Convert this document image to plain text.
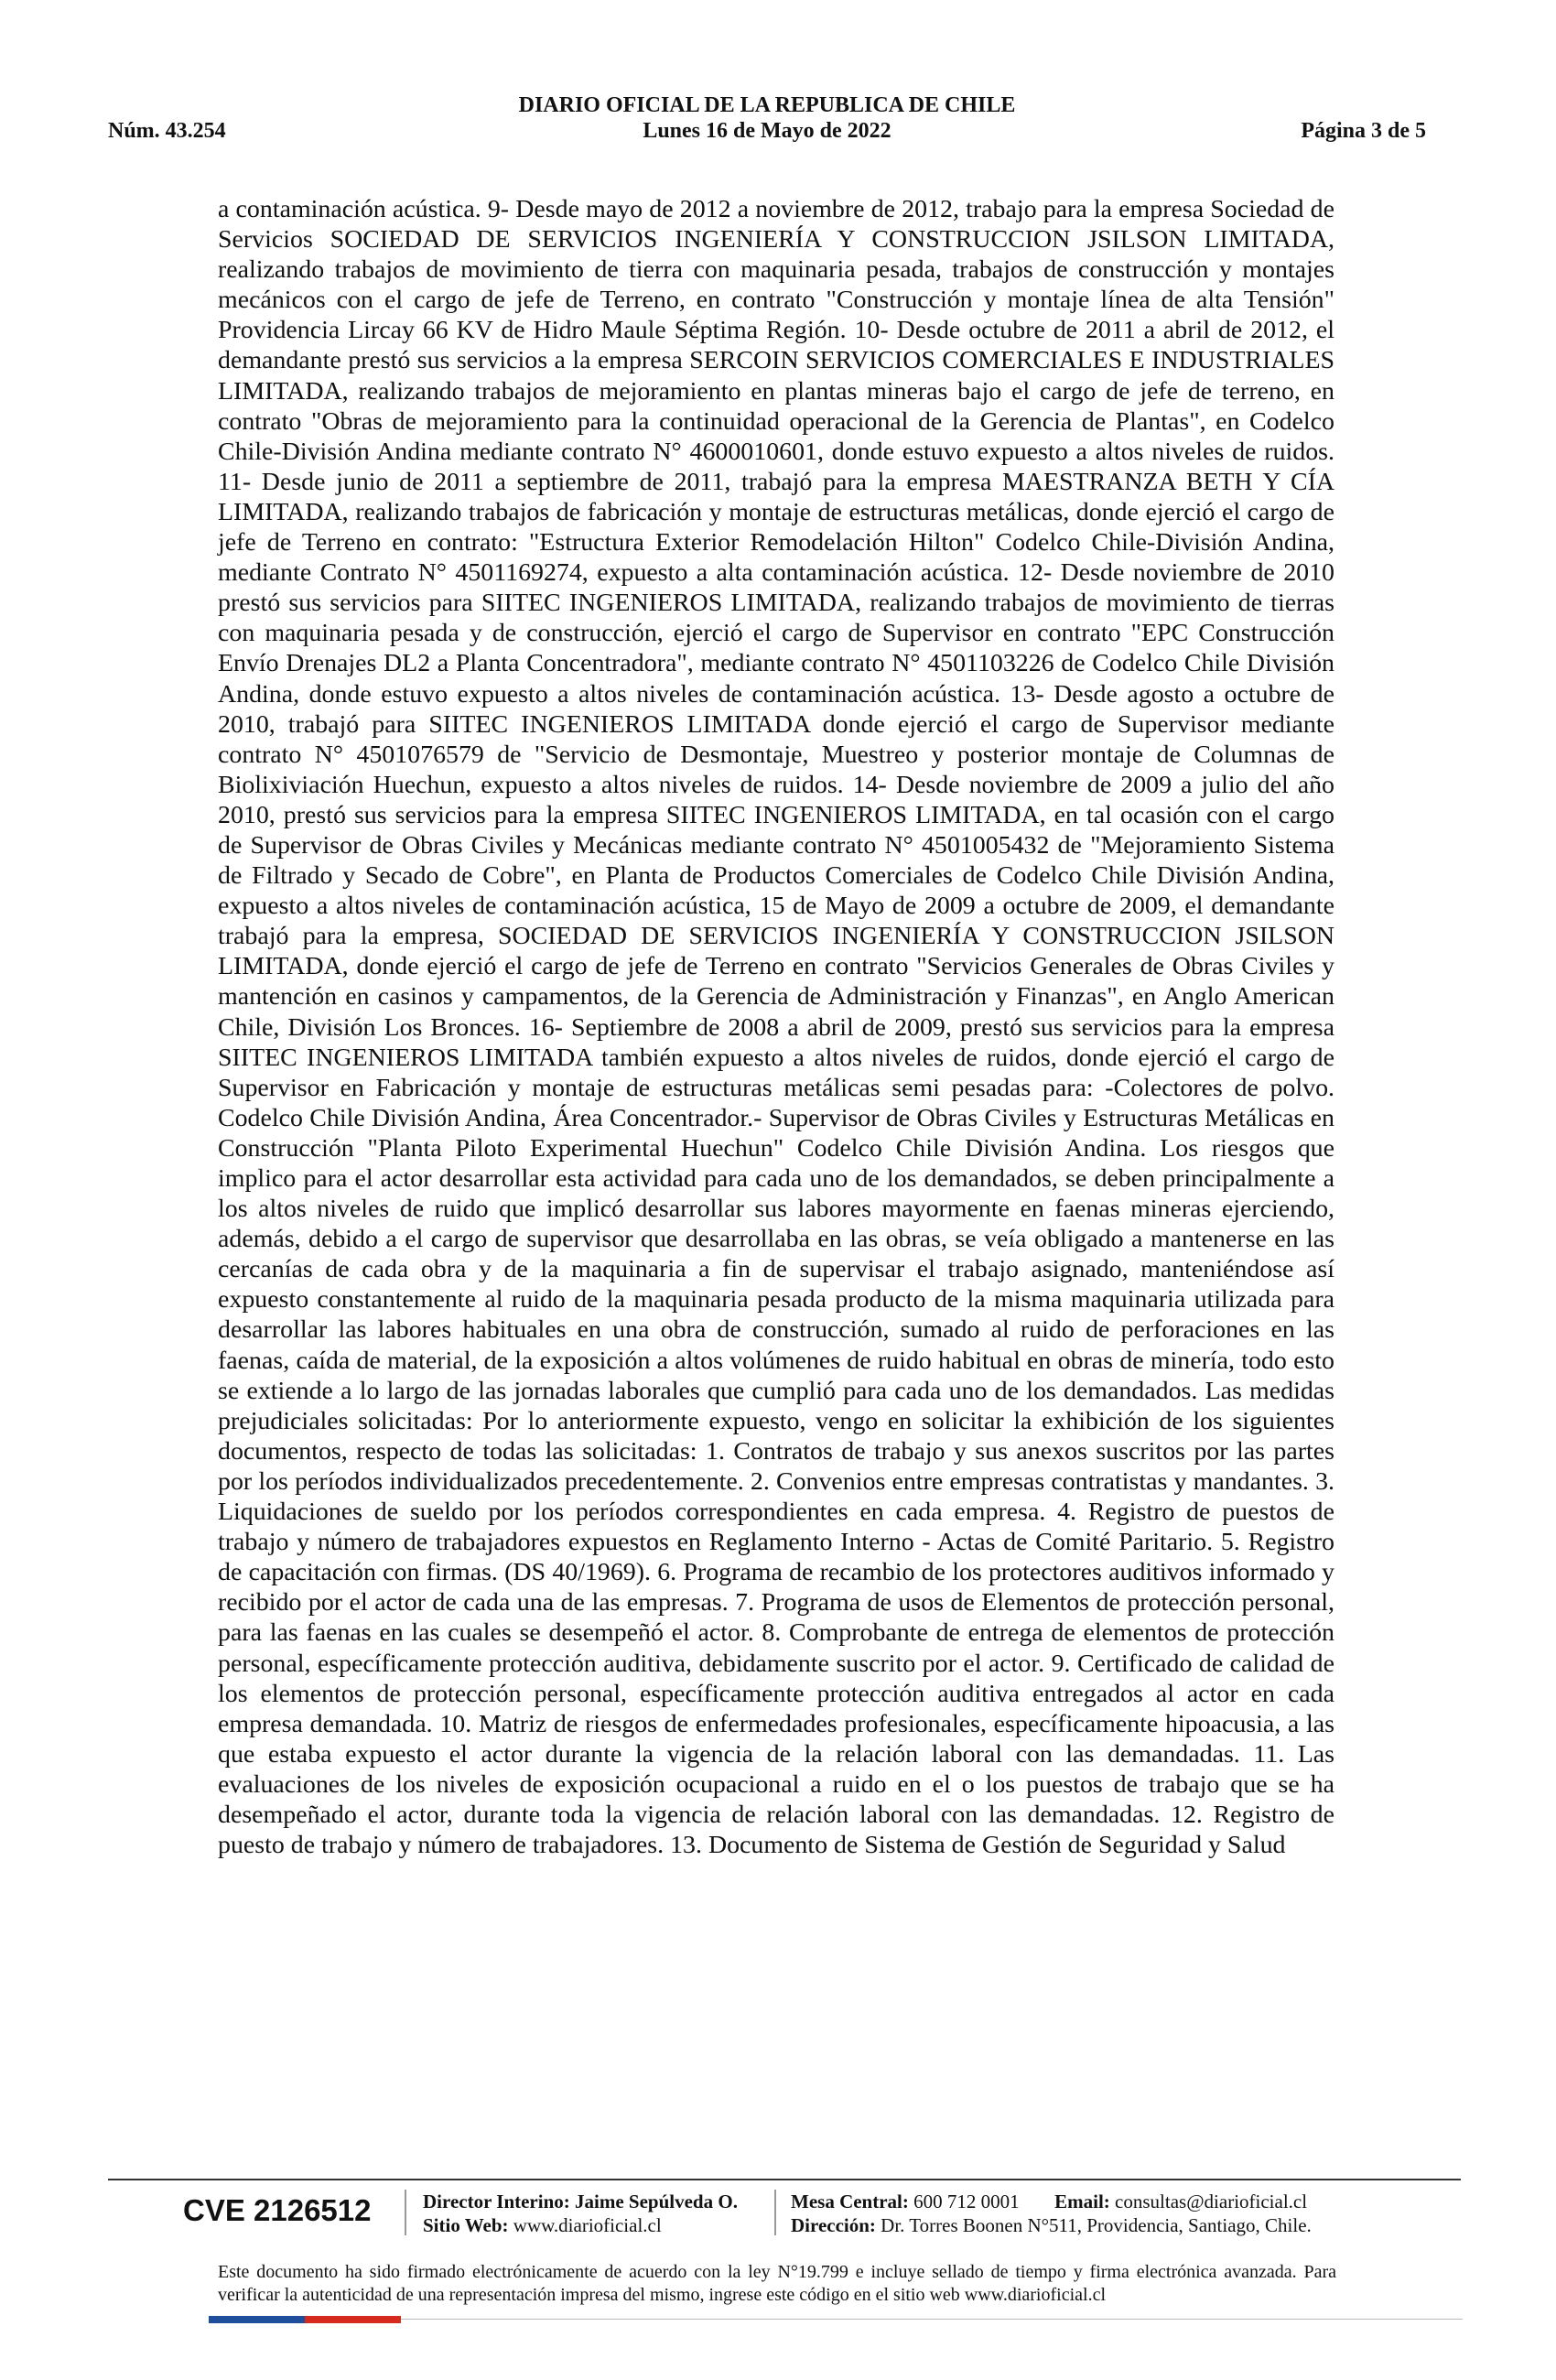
DIARIO OFICIAL DE LA REPUBLICA DE CHILE
Núm. 43.254	Lunes 16 de Mayo de 2022	Página 3 de 5
a contaminación acústica. 9- Desde mayo de 2012 a noviembre de 2012, trabajo para la empresa Sociedad de Servicios SOCIEDAD DE SERVICIOS INGENIERÍA Y CONSTRUCCION JSILSON LIMITADA, realizando trabajos de movimiento de tierra con maquinaria pesada, trabajos de construcción y montajes mecánicos con el cargo de jefe de Terreno, en contrato "Construcción y montaje línea de alta Tensión" Providencia Lircay 66 KV de Hidro Maule Séptima Región. 10- Desde octubre de 2011 a abril de 2012, el demandante prestó sus servicios a la empresa SERCOIN SERVICIOS COMERCIALES E INDUSTRIALES LIMITADA, realizando trabajos de mejoramiento en plantas mineras bajo el cargo de jefe de terreno, en contrato "Obras de mejoramiento para la continuidad operacional de la Gerencia de Plantas", en Codelco Chile-División Andina mediante contrato N° 4600010601, donde estuvo expuesto a altos niveles de ruidos. 11- Desde junio de 2011 a septiembre de 2011, trabajó para la empresa MAESTRANZA BETH Y CÍA LIMITADA, realizando trabajos de fabricación y montaje de estructuras metálicas, donde ejerció el cargo de jefe de Terreno en contrato: "Estructura Exterior Remodelación Hilton" Codelco Chile-División Andina, mediante Contrato N° 4501169274, expuesto a alta contaminación acústica. 12- Desde noviembre de 2010 prestó sus servicios para SIITEC INGENIEROS LIMITADA, realizando trabajos de movimiento de tierras con maquinaria pesada y de construcción, ejerció el cargo de Supervisor en contrato "EPC Construcción Envío Drenajes DL2 a Planta Concentradora", mediante contrato N° 4501103226 de Codelco Chile División Andina, donde estuvo expuesto a altos niveles de contaminación acústica. 13- Desde agosto a octubre de 2010, trabajó para SIITEC INGENIEROS LIMITADA donde ejerció el cargo de Supervisor mediante contrato N° 4501076579 de "Servicio de Desmontaje, Muestreo y posterior montaje de Columnas de Biolixiviación Huechun, expuesto a altos niveles de ruidos. 14- Desde noviembre de 2009 a julio del año 2010, prestó sus servicios para la empresa SIITEC INGENIEROS LIMITADA, en tal ocasión con el cargo de Supervisor de Obras Civiles y Mecánicas mediante contrato N° 4501005432 de "Mejoramiento Sistema de Filtrado y Secado de Cobre", en Planta de Productos Comerciales de Codelco Chile División Andina, expuesto a altos niveles de contaminación acústica, 15 de Mayo de 2009 a octubre de 2009, el demandante trabajó para la empresa, SOCIEDAD DE SERVICIOS INGENIERÍA Y CONSTRUCCION JSILSON LIMITADA, donde ejerció el cargo de jefe de Terreno en contrato "Servicios Generales de Obras Civiles y mantención en casinos y campamentos, de la Gerencia de Administración y Finanzas", en Anglo American Chile, División Los Bronces. 16- Septiembre de 2008 a abril de 2009, prestó sus servicios para la empresa SIITEC INGENIEROS LIMITADA también expuesto a altos niveles de ruidos, donde ejerció el cargo de Supervisor en Fabricación y montaje de estructuras metálicas semi pesadas para: -Colectores de polvo. Codelco Chile División Andina, Área Concentrador.- Supervisor de Obras Civiles y Estructuras Metálicas en Construcción "Planta Piloto Experimental Huechun" Codelco Chile División Andina. Los riesgos que implico para el actor desarrollar esta actividad para cada uno de los demandados, se deben principalmente a los altos niveles de ruido que implicó desarrollar sus labores mayormente en faenas mineras ejerciendo, además, debido a el cargo de supervisor que desarrollaba en las obras, se veía obligado a mantenerse en las cercanías de cada obra y de la maquinaria a fin de supervisar el trabajo asignado, manteniéndose así expuesto constantemente al ruido de la maquinaria pesada producto de la misma maquinaria utilizada para desarrollar las labores habituales en una obra de construcción, sumado al ruido de perforaciones en las faenas, caída de material, de la exposición a altos volúmenes de ruido habitual en obras de minería, todo esto se extiende a lo largo de las jornadas laborales que cumplió para cada uno de los demandados. Las medidas prejudiciales solicitadas: Por lo anteriormente expuesto, vengo en solicitar la exhibición de los siguientes documentos, respecto de todas las solicitadas: 1. Contratos de trabajo y sus anexos suscritos por las partes por los períodos individualizados precedentemente. 2. Convenios entre empresas contratistas y mandantes. 3. Liquidaciones de sueldo por los períodos correspondientes en cada empresa. 4. Registro de puestos de trabajo y número de trabajadores expuestos en Reglamento Interno - Actas de Comité Paritario. 5. Registro de capacitación con firmas. (DS 40/1969). 6. Programa de recambio de los protectores auditivos informado y recibido por el actor de cada una de las empresas. 7. Programa de usos de Elementos de protección personal, para las faenas en las cuales se desempeñó el actor. 8. Comprobante de entrega de elementos de protección personal, específicamente protección auditiva, debidamente suscrito por el actor. 9. Certificado de calidad de los elementos de protección personal, específicamente protección auditiva entregados al actor en cada empresa demandada. 10. Matriz de riesgos de enfermedades profesionales, específicamente hipoacusia, a las que estaba expuesto el actor durante la vigencia de la relación laboral con las demandadas. 11. Las evaluaciones de los niveles de exposición ocupacional a ruido en el o los puestos de trabajo que se ha desempeñado el actor, durante toda la vigencia de relación laboral con las demandadas. 12. Registro de puesto de trabajo y número de trabajadores. 13. Documento de Sistema de Gestión de Seguridad y Salud
CVE 2126512	Director Interino: Jaime Sepúlveda O.
Sitio Web: www.diarioficial.cl
Mesa Central: 600 712 0001 Email: consultas@diarioficial.cl
Dirección: Dr. Torres Boonen N°511, Providencia, Santiago, Chile.
Este documento ha sido firmado electrónicamente de acuerdo con la ley N°19.799 e incluye sellado de tiempo y firma electrónica avanzada. Para verificar la autenticidad de una representación impresa del mismo, ingrese este código en el sitio web www.diarioficial.cl
